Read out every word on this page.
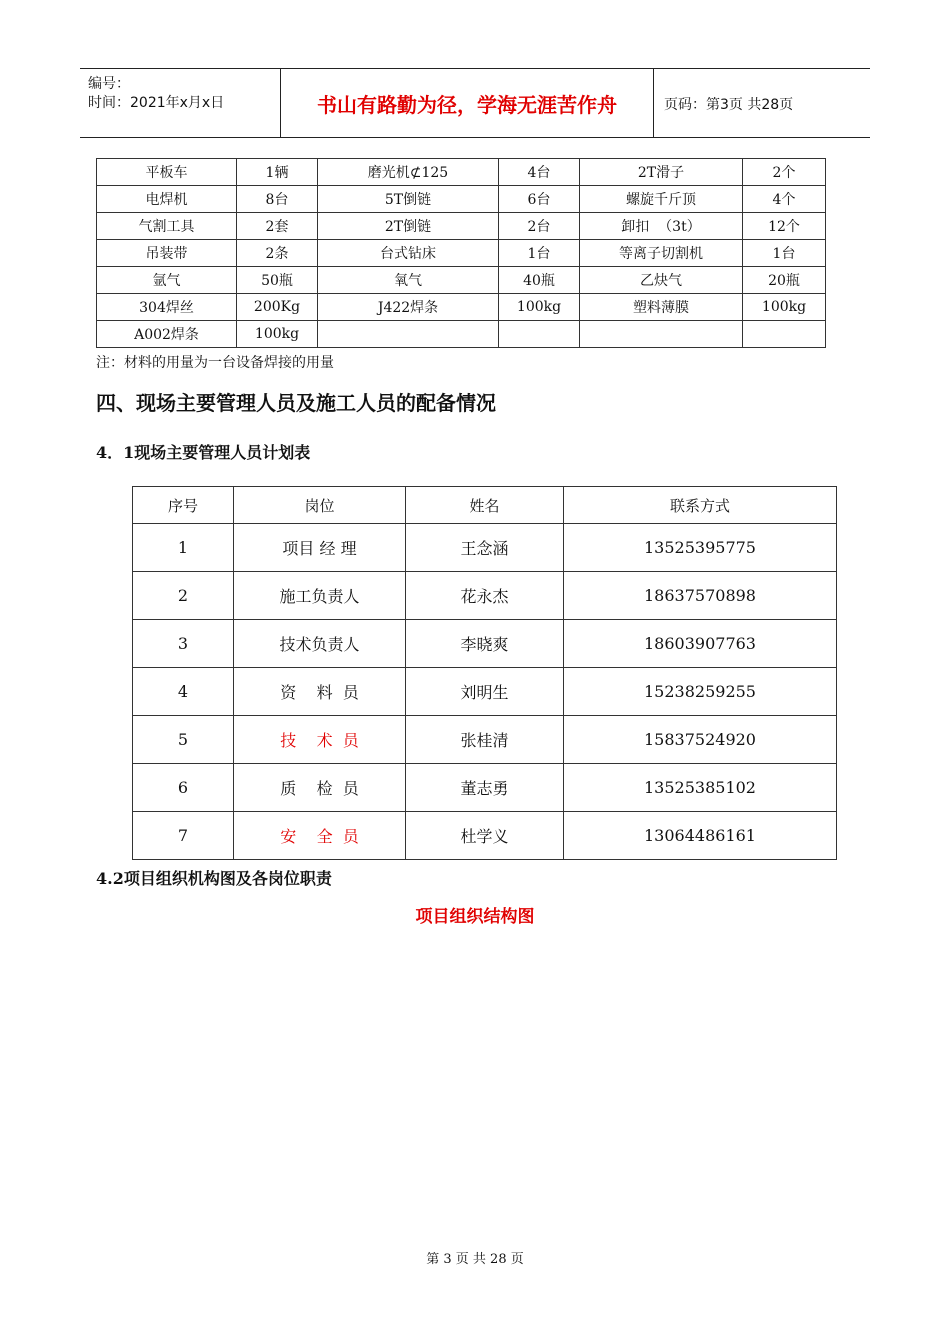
编号：
时间：2021年x月x日	书山有路勤为径，学海无涯苦作舟	页码：第3页 共28页
平板车	1辆	磨光机⊄125	4台	2T滑子	2个
电焊机	8台	5T倒链	6台	螺旋千斤顶	4个
气割工具	2套	2T倒链	2台	卸扣  （3t）	12个
吊装带	2条	台式钻床	1台	等离子切割机	1台
氩气	50瓶	氧气	40瓶	乙炔气	20瓶
304焊丝	200Kg	J422焊条	100kg	塑料薄膜	100kg
A002焊条	100kg				
注：材料的用量为一台设备焊接的用量
四、现场主要管理人员及施工人员的配备情况
4．1现场主要管理人员计划表
序号	岗位	姓名	联系方式
1	项目 经 理	王念涵	13525395775
2	施工负责人	花永杰	18637570898
3	技术负责人	李晓爽	18603907763
4	资    料  员	刘明生	15238259255
5	技    术  员	张桂清	15837524920
6	质    检  员	董志勇	13525385102
7	安    全  员	杜学义	13064486161
4.2项目组织机构图及各岗位职责
项目组织结构图
第 3 页 共 28 页
